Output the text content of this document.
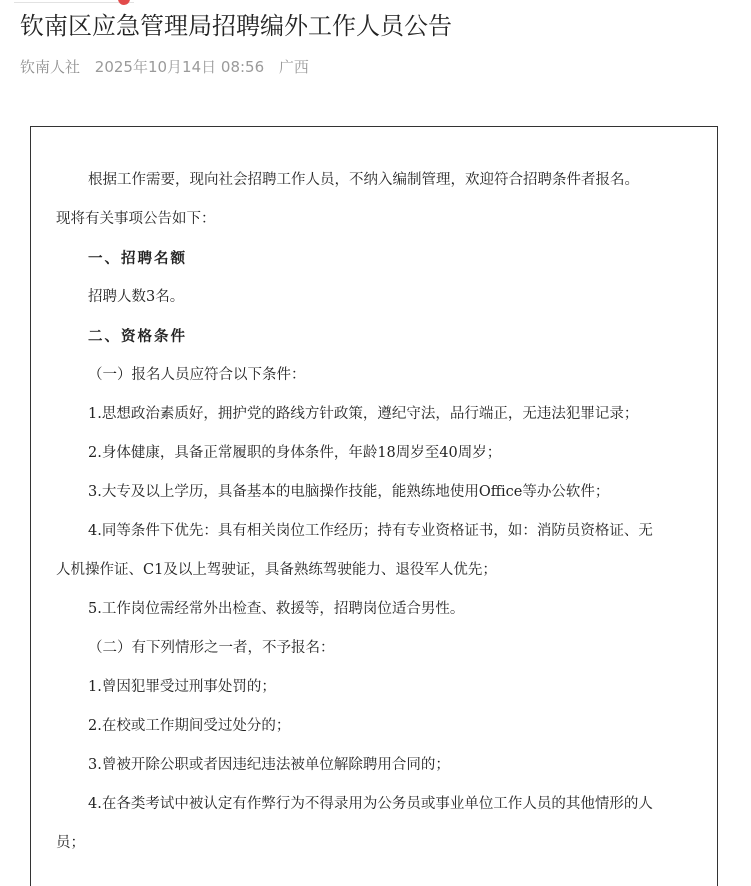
钦南区应急管理局招聘编外工作人员公告
钦南人社 2025年10月14日 08:56 广西

根据工作需要，现向社会招聘工作人员，不纳入编制管理，欢迎符合招聘条件者报名。

现将有关事项公告如下：

一、招聘名额

招聘人数3名。

二、资格条件

（一）报名人员应符合以下条件：

1.思想政治素质好，拥护党的路线方针政策，遵纪守法，品行端正，无违法犯罪记录；

2.身体健康，具备正常履职的身体条件，年龄18周岁至40周岁；

3.大专及以上学历，具备基本的电脑操作技能，能熟练地使用Office等办公软件；

4.同等条件下优先：具有相关岗位工作经历；持有专业资格证书，如：消防员资格证、无

人机操作证、C1及以上驾驶证，具备熟练驾驶能力、退役军人优先；

5.工作岗位需经常外出检查、救援等，招聘岗位适合男性。

（二）有下列情形之一者，不予报名：

1.曾因犯罪受过刑事处罚的；

2.在校或工作期间受过处分的；

3.曾被开除公职或者因违纪违法被单位解除聘用合同的；

4.在各类考试中被认定有作弊行为不得录用为公务员或事业单位工作人员的其他情形的人

员；
